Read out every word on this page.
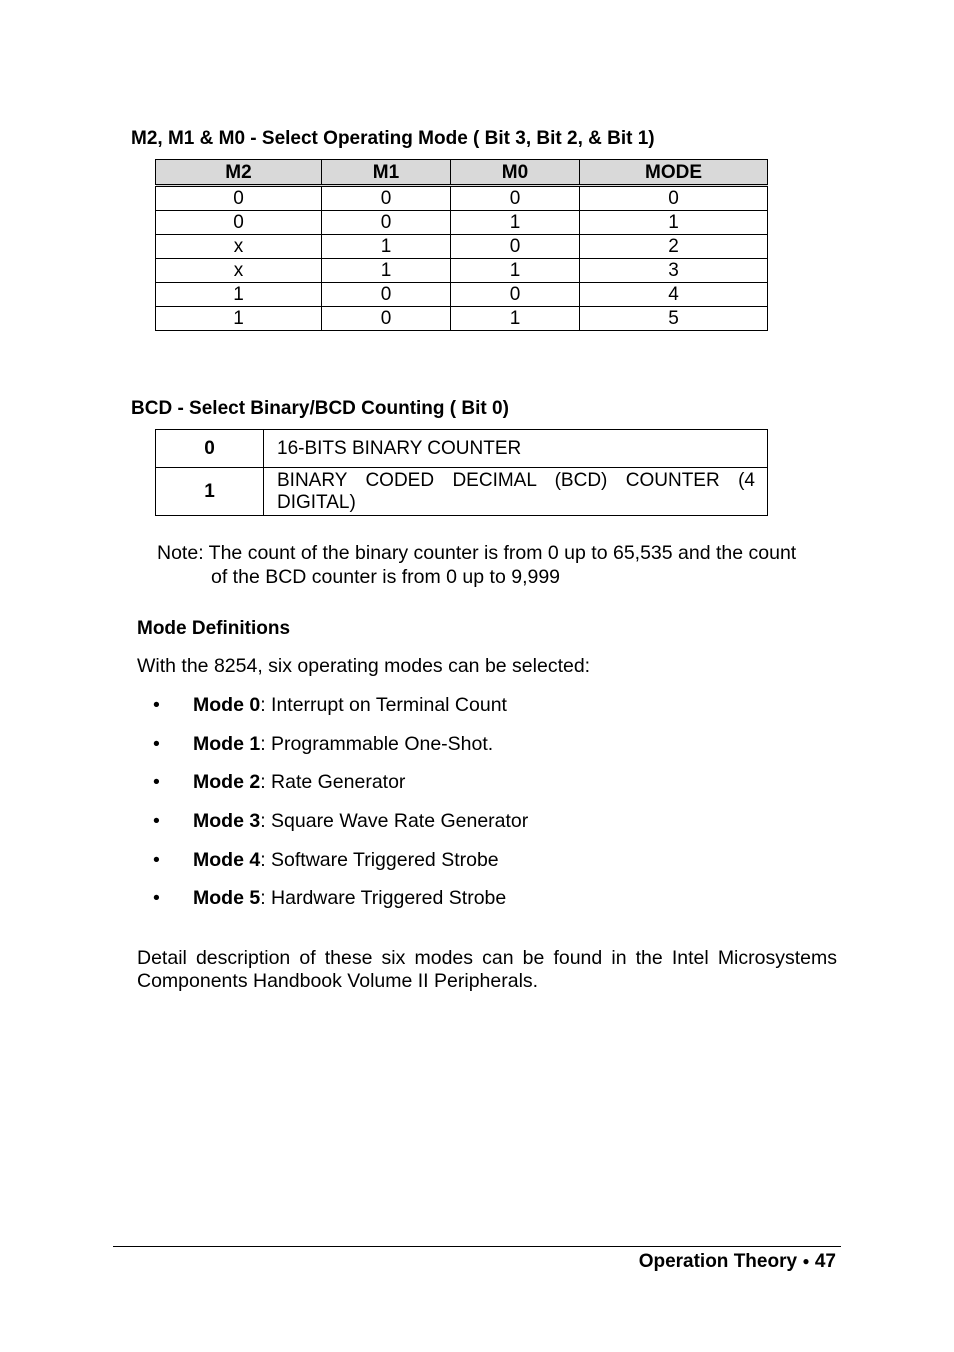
M2, M1 & M0 - Select Operating Mode ( Bit 3, Bit 2, & Bit 1)
M2	M1	M0	MODE
0	0	0	0
0	0	1	1
x	1	0	2
x	1	1	3
1	0	0	4
1	0	1	5
BCD - Select Binary/BCD Counting ( Bit 0)
0	16-BITS BINARY COUNTER
1	BINARY CODED DECIMAL (BCD) COUNTER (4 DIGITAL)
Note: The count of the binary counter is from 0 up to 65,535 and the count
of the BCD counter is from 0 up to 9,999
Mode Definitions
With the 8254, six operating modes can be selected:
• Mode 0: Interrupt on Terminal Count
• Mode 1: Programmable One-Shot.
• Mode 2: Rate Generator
• Mode 3: Square Wave Rate Generator
• Mode 4: Software Triggered Strobe
• Mode 5: Hardware Triggered Strobe
Detail description of these six modes can be found in the Intel Microsystems Components Handbook Volume II Peripherals.
Operation Theory ● 47
